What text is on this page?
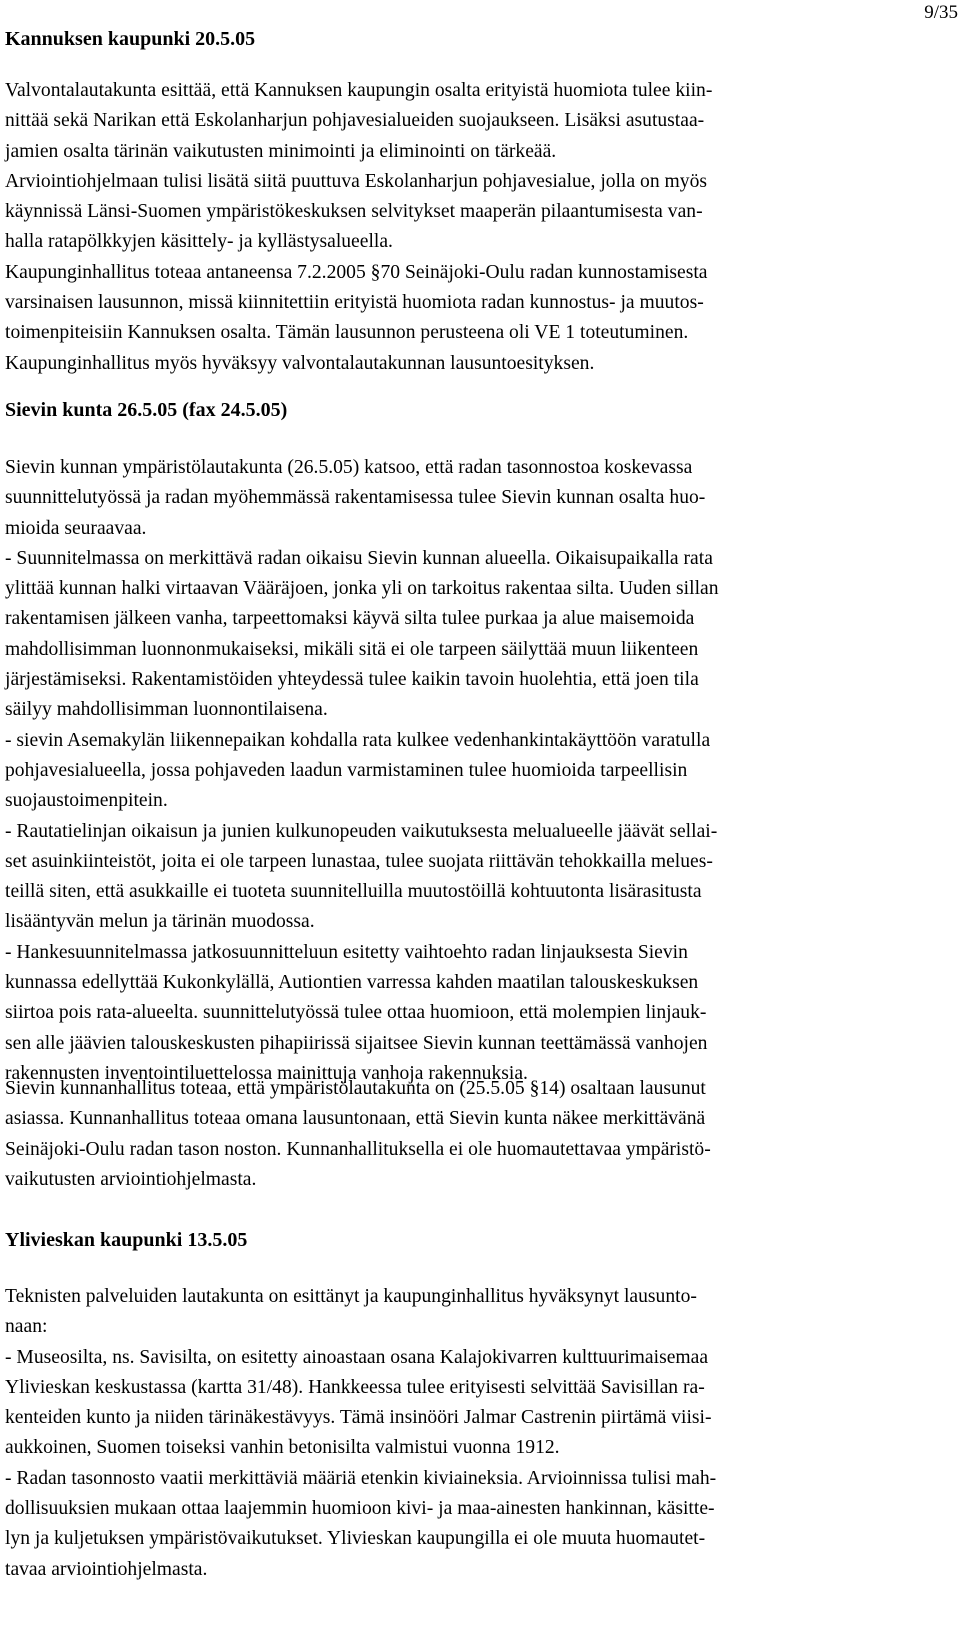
9/35
Kannuksen kaupunki 20.5.05
Valvontalautakunta esittää, että Kannuksen kaupungin osalta erityistä huomiota tulee kiin-
nittää sekä Narikan että Eskolanharjun pohjavesialueiden suojaukseen. Lisäksi asutustaa-
jamien osalta tärinän vaikutusten minimointi ja eliminointi on tärkeää.
Arviointiohjelmaan tulisi lisätä siitä puuttuva Eskolanharjun pohjavesialue, jolla on myös
käynnissä Länsi-Suomen ympäristökeskuksen selvitykset maaperän pilaantumisesta van-
halla ratapölkkyjen käsittely- ja kyllästysalueella.
Kaupunginhallitus toteaa antaneensa 7.2.2005 §70 Seinäjoki-Oulu radan kunnostamisesta
varsinaisen lausunnon, missä kiinnitettiin erityistä huomiota radan kunnostus- ja muutos-
toimenpiteisiin Kannuksen osalta. Tämän lausunnon perusteena oli VE 1 toteutuminen.
Kaupunginhallitus myös hyväksyy valvontalautakunnan lausuntoesityksen.
Sievin kunta 26.5.05 (fax 24.5.05)
Sievin kunnan ympäristölautakunta (26.5.05) katsoo, että radan tasonnostoa koskevassa
suunnittelutyössä ja radan myöhemmässä rakentamisessa tulee Sievin kunnan osalta huo-
mioida seuraavaa.
- Suunnitelmassa on merkittävä radan oikaisu Sievin kunnan alueella. Oikaisupaikalla rata
ylittää kunnan halki virtaavan Vääräjoen, jonka yli on tarkoitus rakentaa silta. Uuden sillan
rakentamisen jälkeen vanha, tarpeettomaksi käyvä silta tulee purkaa ja alue maisemoida
mahdollisimman luonnonmukaiseksi, mikäli sitä ei ole tarpeen säilyttää muun liikenteen
järjestämiseksi. Rakentamistöiden yhteydessä tulee kaikin tavoin huolehtia, että joen tila
säilyy mahdollisimman luonnontilaisena.
- sievin Asemakylän liikennepaikan kohdalla rata kulkee vedenhankintakäyttöön varatulla
pohjavesialueella, jossa pohjaveden laadun varmistaminen tulee huomioida tarpeellisin
suojaustoimenpitein.
- Rautatielinjan oikaisun ja junien kulkunopeuden vaikutuksesta melualueelle jäävät sellai-
set asuinkiinteistöt, joita ei ole tarpeen lunastaa, tulee suojata riittävän tehokkailla melues-
teillä siten, että asukkaille ei tuoteta suunnitelluilla muutostöillä kohtuutonta lisärasitusta
lisääntyvän melun ja tärinän muodossa.
- Hankesuunnitelmassa jatkosuunnitteluun esitetty vaihtoehto radan linjauksesta Sievin
kunnassa edellyttää Kukonkylällä, Autiontien varressa kahden maatilan talouskeskuksen
siirtoa pois rata-alueelta. suunnittelutyössä tulee ottaa huomioon, että molempien linjauk-
sen alle jäävien talouskeskusten pihapiirissä sijaitsee Sievin kunnan teettämässä vanhojen
rakennusten inventointiluettelossa mainittuja vanhoja rakennuksia.
Sievin kunnanhallitus toteaa, että ympäristölautakunta on (25.5.05 §14) osaltaan lausunut
asiassa. Kunnanhallitus toteaa omana lausuntonaan, että Sievin kunta näkee merkittävänä
Seinäjoki-Oulu radan tason noston. Kunnanhallituksella ei ole huomautettavaa ympäristö-
vaikutusten arviointiohjelmasta.
Ylivieskan kaupunki 13.5.05
Teknisten palveluiden lautakunta on esittänyt ja kaupunginhallitus hyväksynyt lausunto-
naan:
- Museosilta, ns. Savisilta, on esitetty ainoastaan osana Kalajokivarren kulttuurimaisemaa
Ylivieskan keskustassa (kartta 31/48). Hankkeessa tulee erityisesti selvittää Savisillan ra-
kenteiden kunto ja niiden tärinäkestävyys. Tämä insinööri Jalmar Castrenin piirtämä viisi-
aukkoinen, Suomen toiseksi vanhin betonisilta valmistui vuonna 1912.
- Radan tasonnosto vaatii merkittäviä määriä etenkin kiviaineksia. Arvioinnissa tulisi mah-
dollisuuksien mukaan ottaa laajemmin huomioon kivi- ja maa-ainesten hankinnan, käsitte-
lyn ja kuljetuksen ympäristövaikutukset. Ylivieskan kaupungilla ei ole muuta huomautet-
tavaa arviointiohjelmasta.
